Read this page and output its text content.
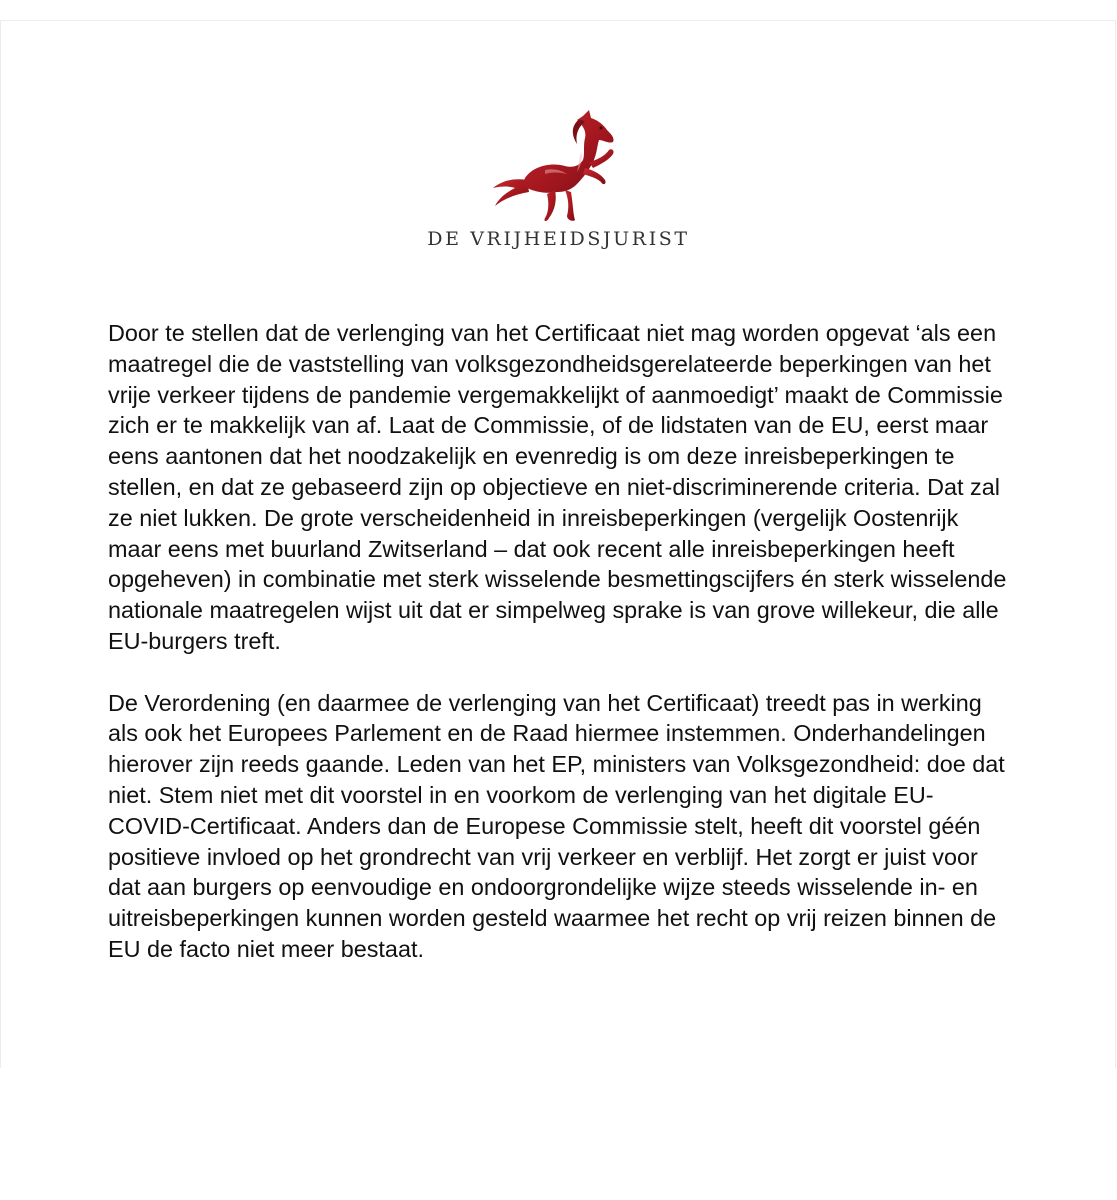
DE VRIJHEIDSJURIST

Door te stellen dat de verlenging van het Certificaat niet mag worden opgevat ‘als een maatregel die de vaststelling van volksgezondheidsgerelateerde beperkingen van het vrije verkeer tijdens de pandemie vergemakkelijkt of aanmoedigt’ maakt de Commissie zich er te makkelijk van af. Laat de Commissie, of de lidstaten van de EU, eerst maar eens aantonen dat het noodzakelijk en evenredig is om deze inreisbeperkingen te stellen, en dat ze gebaseerd zijn op objectieve en niet-discriminerende criteria. Dat zal ze niet lukken. De grote verscheidenheid in inreisbeperkingen (vergelijk Oostenrijk maar eens met buurland Zwitserland – dat ook recent alle inreisbeperkingen heeft opgeheven) in combinatie met sterk wisselende besmettingscijfers én sterk wisselende nationale maatregelen wijst uit dat er simpelweg sprake is van grove willekeur, die alle EU-burgers treft.

De Verordening (en daarmee de verlenging van het Certificaat) treedt pas in werking als ook het Europees Parlement en de Raad hiermee instemmen. Onderhandelingen hierover zijn reeds gaande. Leden van het EP, ministers van Volksgezondheid: doe dat niet. Stem niet met dit voorstel in en voorkom de verlenging van het digitale EU-COVID-Certificaat. Anders dan de Europese Commissie stelt, heeft dit voorstel géén positieve invloed op het grondrecht van vrij verkeer en verblijf. Het zorgt er juist voor dat aan burgers op eenvoudige en ondoorgrondelijke wijze steeds wisselende in- en uitreisbeperkingen kunnen worden gesteld waarmee het recht op vrij reizen binnen de EU de facto niet meer bestaat.
